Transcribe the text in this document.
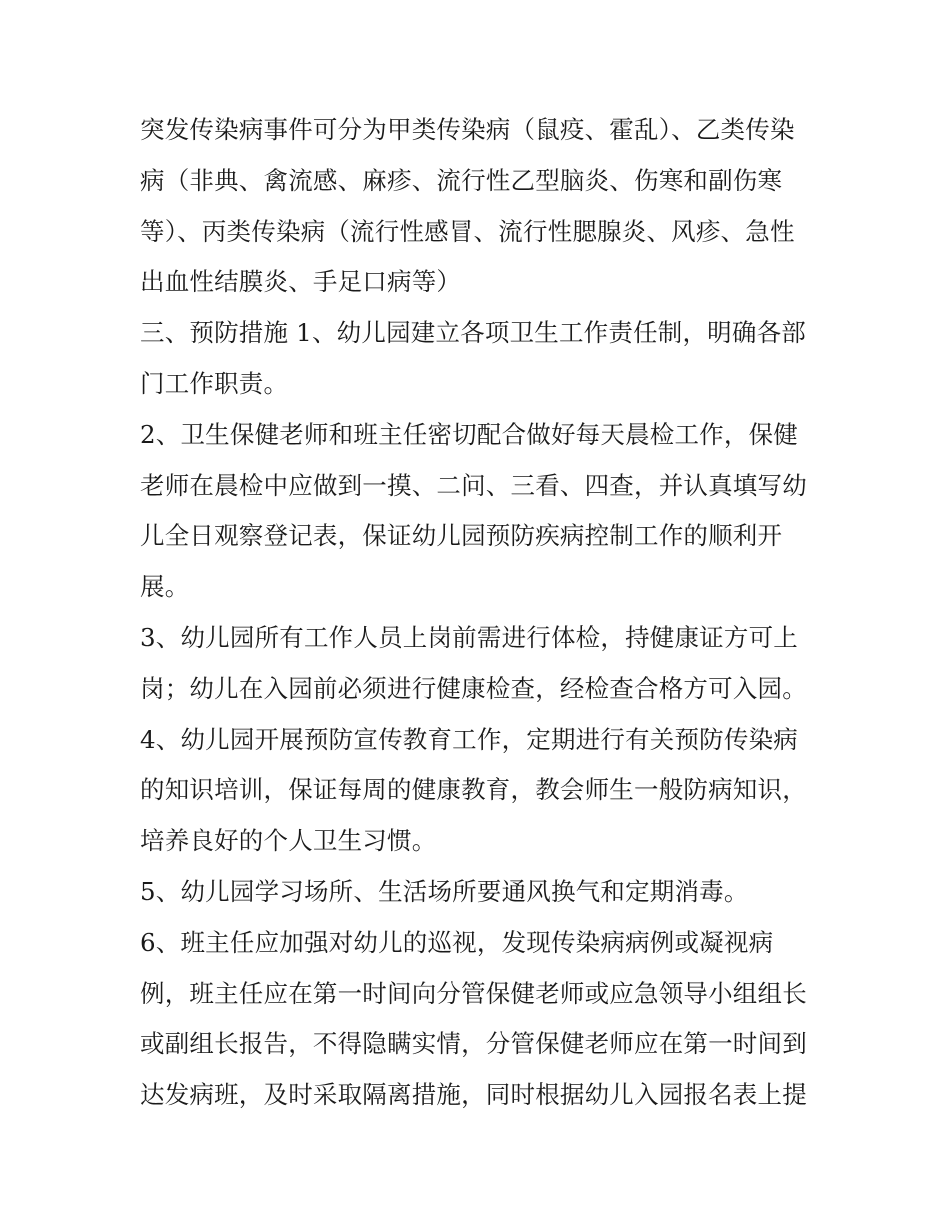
突发传染病事件可分为甲类传染病（鼠疫、霍乱）、乙类传染
病（非典、禽流感、麻疹、流行性乙型脑炎、伤寒和副伤寒
等）、丙类传染病（流行性感冒、流行性腮腺炎、风疹、急性
出血性结膜炎、手足口病等）
三、预防措施 1、幼儿园建立各项卫生工作责任制，明确各部
门工作职责。
2、卫生保健老师和班主任密切配合做好每天晨检工作，保健
老师在晨检中应做到一摸、二问、三看、四查，并认真填写幼
儿全日观察登记表，保证幼儿园预防疾病控制工作的顺利开
展。
3、幼儿园所有工作人员上岗前需进行体检，持健康证方可上
岗；幼儿在入园前必须进行健康检查，经检查合格方可入园。
4、幼儿园开展预防宣传教育工作，定期进行有关预防传染病
的知识培训，保证每周的健康教育，教会师生一般防病知识，
培养良好的个人卫生习惯。
5、幼儿园学习场所、生活场所要通风换气和定期消毒。
6、班主任应加强对幼儿的巡视，发现传染病病例或凝视病
例，班主任应在第一时间向分管保健老师或应急领导小组组长
或副组长报告，不得隐瞒实情，分管保健老师应在第一时间到
达发病班，及时采取隔离措施，同时根据幼儿入园报名表上提
